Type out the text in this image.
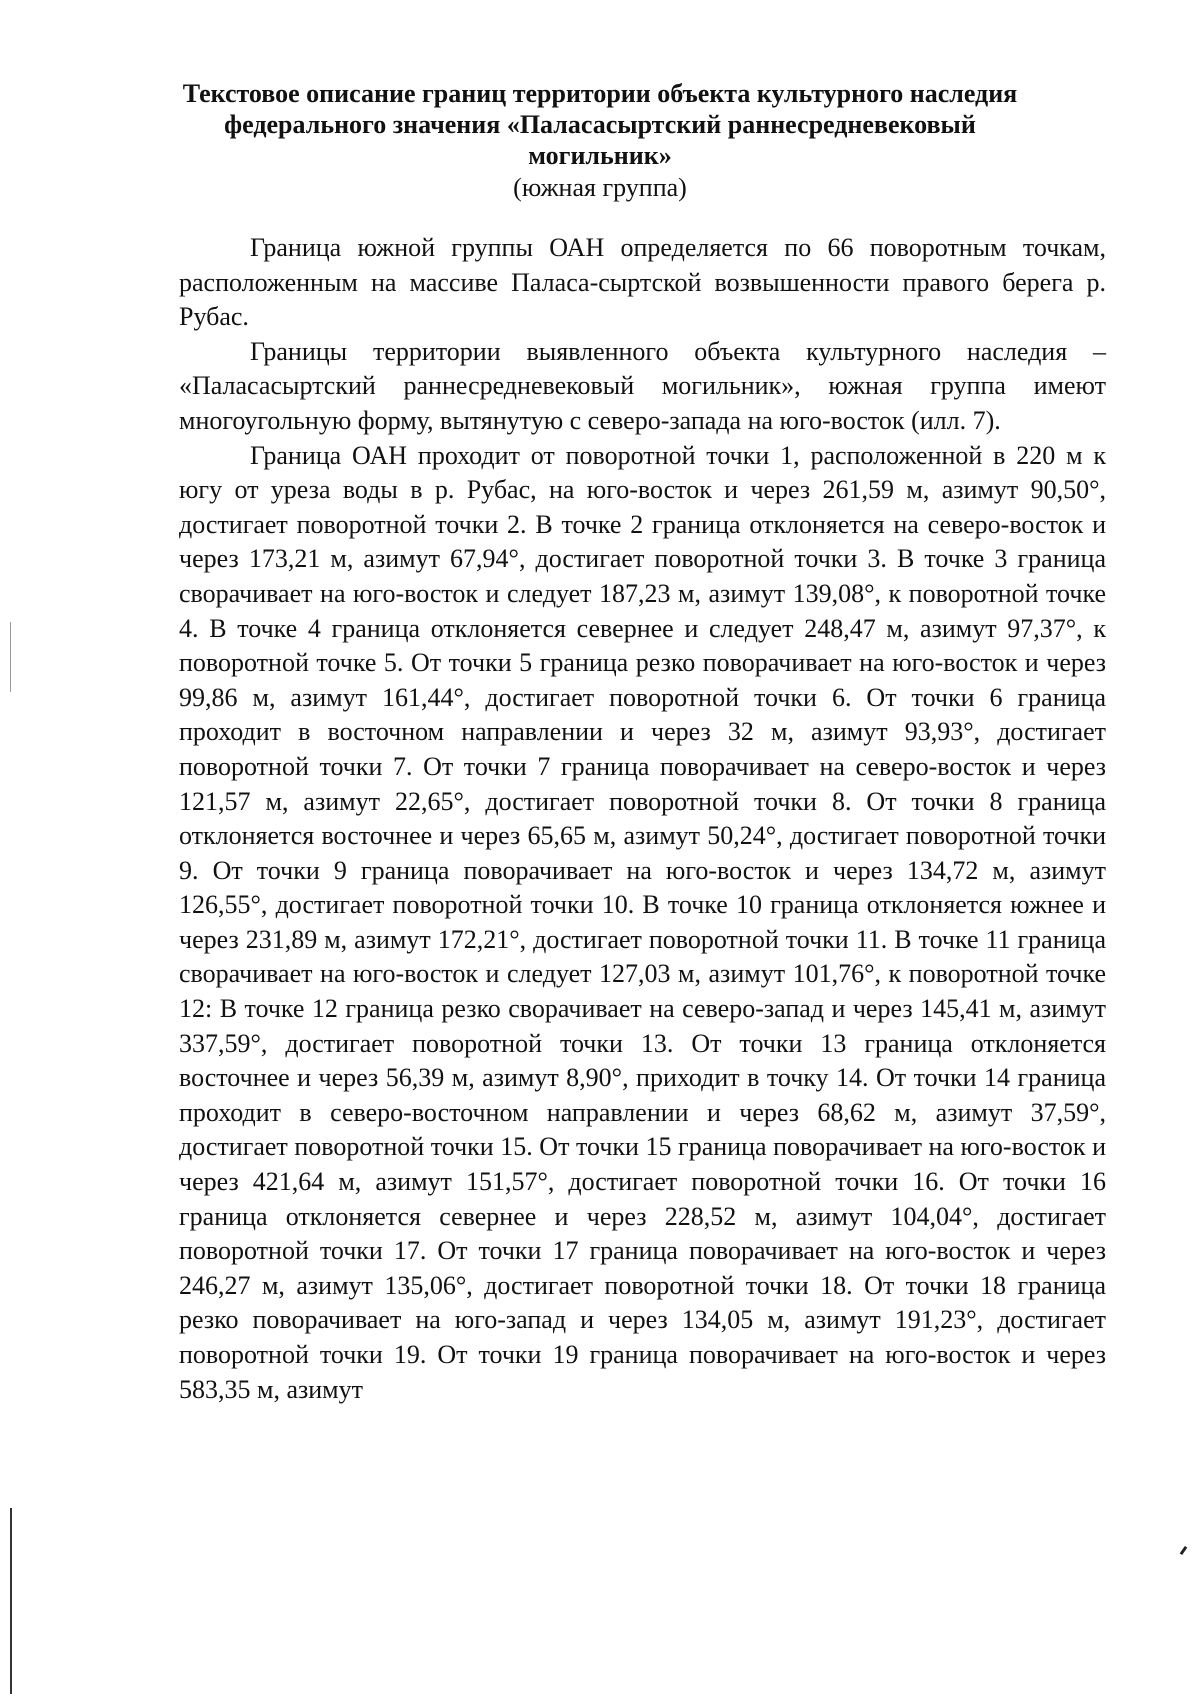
Текстовое описание границ территории объекта культурного наследия

федерального значения «Паласасыртский раннесредневековый

могильник»

(южная группа)

Граница южной группы ОАН определяется по 66 поворотным точкам, расположенным на массиве Паласа-сыртской возвышенности правого берега р. Рубас.

Границы территории выявленного объекта культурного наследия – «Паласасыртский раннесредневековый могильник», южная группа имеют многоугольную форму, вытянутую с северо-запада на юго-восток (илл. 7).

Граница ОАН проходит от поворотной точки 1, расположенной в 220 м к югу от уреза воды в р. Рубас, на юго-восток и через 261,59 м, азимут 90,50°, достигает поворотной точки 2. В точке 2 граница отклоняется на северо-восток и через 173,21 м, азимут 67,94°, достигает поворотной точки 3. В точке 3 граница сворачивает на юго-восток и следует 187,23 м, азимут 139,08°, к поворотной точке 4. В точке 4 граница отклоняется севернее и следует 248,47 м, азимут 97,37°, к поворотной точке 5. От точки 5 граница резко поворачивает на юго-восток и через 99,86 м, азимут 161,44°, достигает поворотной точки 6. От точки 6 граница проходит в восточном направлении и через 32 м, азимут 93,93°, достигает поворотной точки 7. От точки 7 граница поворачивает на северо-восток и через 121,57 м, азимут 22,65°, достигает поворотной точки 8. От точки 8 граница отклоняется восточнее и через 65,65 м, азимут 50,24°, достигает поворотной точки 9. От точки 9 граница поворачивает на юго-восток и через 134,72 м, азимут 126,55°, достигает поворотной точки 10. В точке 10 граница отклоняется южнее и через 231,89 м, азимут 172,21°, достигает поворотной точки 11. В точке 11 граница сворачивает на юго-восток и следует 127,03 м, азимут 101,76°, к поворотной точке 12: В точке 12 граница резко сворачивает на северо-запад и через 145,41 м, азимут 337,59°, достигает поворотной точки 13. От точки 13 граница отклоняется восточнее и через 56,39 м, азимут 8,90°, приходит в точку 14. От точки 14 граница проходит в северо-восточном направлении и через 68,62 м, азимут 37,59°, достигает поворотной точки 15. От точки 15 граница поворачивает на юго-восток и через 421,64 м, азимут 151,57°, достигает поворотной точки 16. От точки 16 граница отклоняется севернее и через 228,52 м, азимут 104,04°, достигает поворотной точки 17. От точки 17 граница поворачивает на юго-восток и через 246,27 м, азимут 135,06°, достигает поворотной точки 18. От точки 18 граница резко поворачивает на юго-запад и через 134,05 м, азимут 191,23°, достигает поворотной точки 19. От точки 19 граница поворачивает на юго-восток и через 583,35 м, азимут
